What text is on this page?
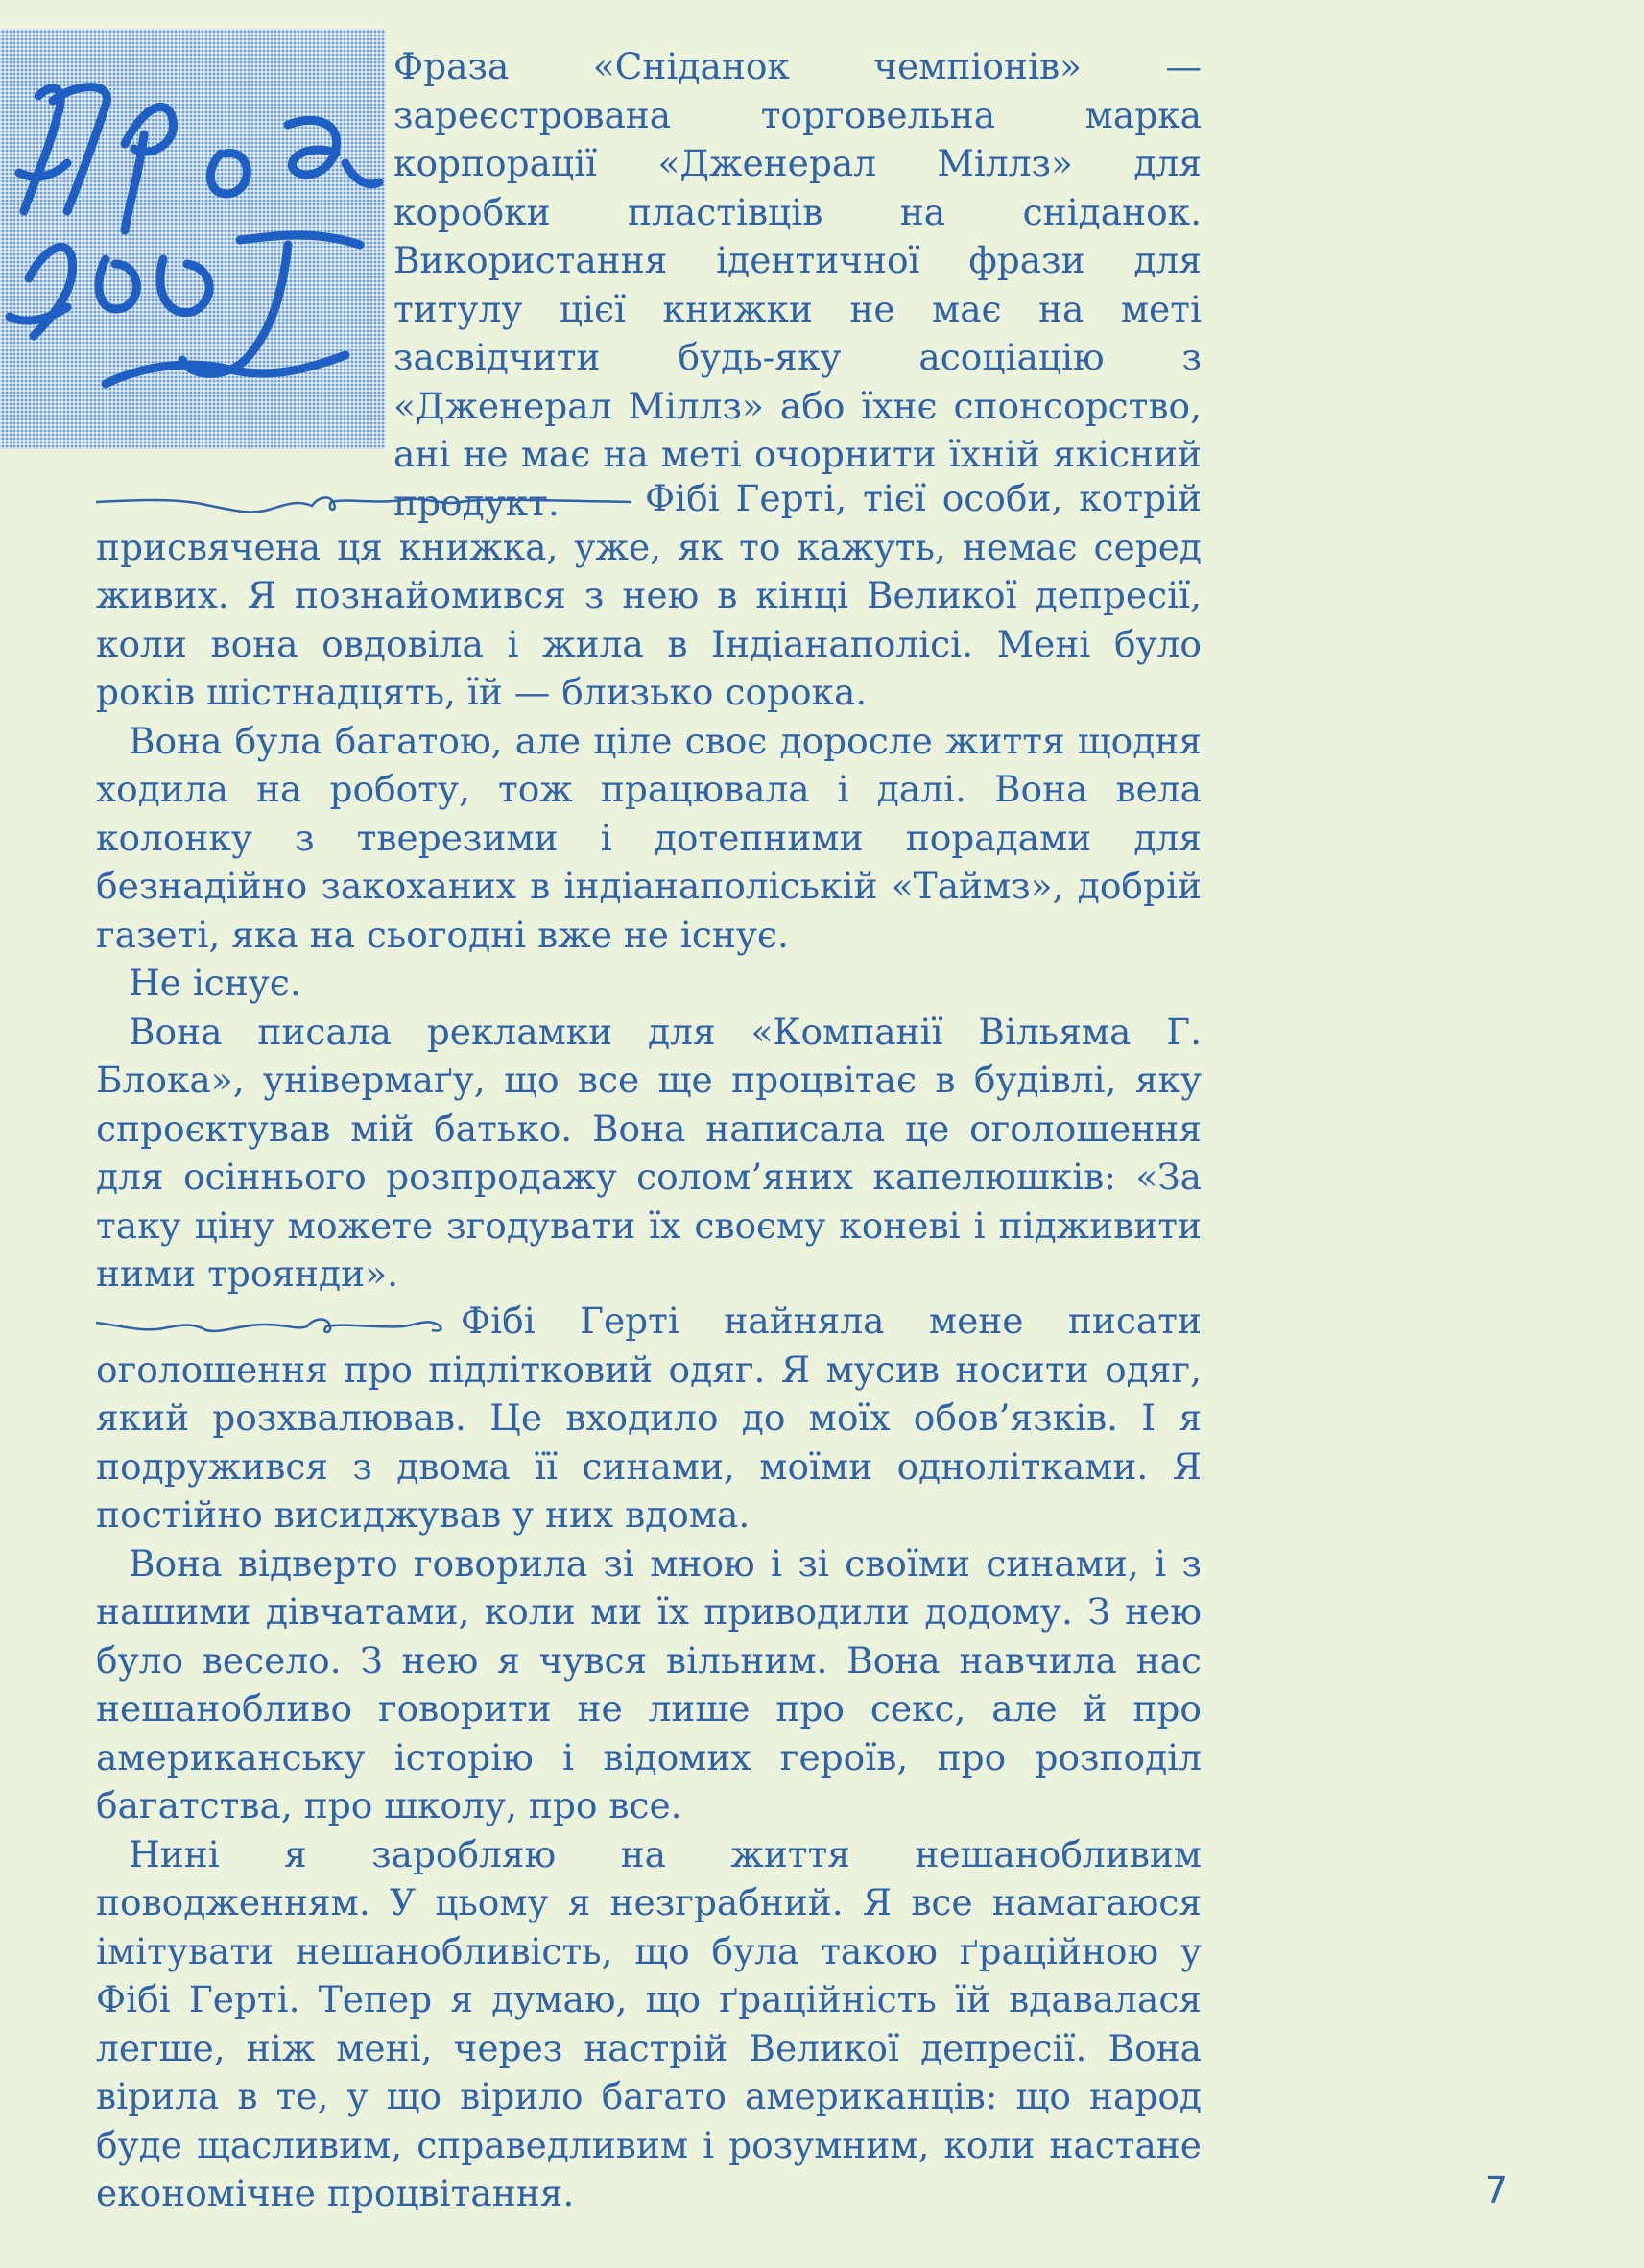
Фраза «Сніданок чемпіонів» — зареєстрована торговельна марка корпорації «Дженерал Міллз» для коробки пластівців на сніданок. Використання ідентичної фрази для титулу цієї книжки не має на меті засвідчити будь-яку асоціацію з «Дженерал Міллз» або їхнє спонсорство, ані не має на меті очорнити їхній якісний продукт.	Фібі Герті, тієї особи, котрій присвячена ця книжка, уже, як то кажуть, немає серед живих. Я познайомився з нею в кінці Великої депресії, коли вона овдовіла і жила в Індіанаполісі. Мені було років шістнадцять, їй — близько сорока.

Вона була багатою, але ціле своє доросле життя щодня ходила на роботу, тож працювала і далі. Вона вела колонку з тверезими і дотепними порадами для безнадійно закоханих в індіанаполіській «Таймз», добрій газеті, яка на сьогодні вже не існує.

Не існує.

Вона писала рекламки для «Компанії Вільяма Г. Блока», універмаґу, що все ще процвітає в будівлі, яку спроєктував мій батько. Вона написала це оголошення для осіннього розпродажу солом’яних капелюшків: «За таку ціну можете згодувати їх своєму коневі і підживити ними троянди».

Фібі Герті найняла мене писати оголошення про підлітковий одяг. Я мусив носити одяг, який розхвалював. Це входило до моїх обов’язків. І я подружився з двома її синами, моїми однолітками. Я постійно висиджував у них вдома.

Вона відверто говорила зі мною і зі своїми синами, і з нашими дівчатами, коли ми їх приводили додому. З нею було весело. З нею я чувся вільним. Вона навчила нас нешанобливо говорити не лише про секс, але й про американську історію і відомих героїв, про розподіл багатства, про школу, про все.

Нині я заробляю на життя нешанобливим поводженням. У цьому я незграбний. Я все намагаюся імітувати нешанобливість, що була такою ґраційною у Фібі Герті. Тепер я думаю, що ґраційність їй вдавалася легше, ніж мені, через настрій Великої депресії. Вона вірила в те, у що вірило багато американців: що народ буде щасливим, справедливим і розумним, коли настане економічне процвітання.	7
